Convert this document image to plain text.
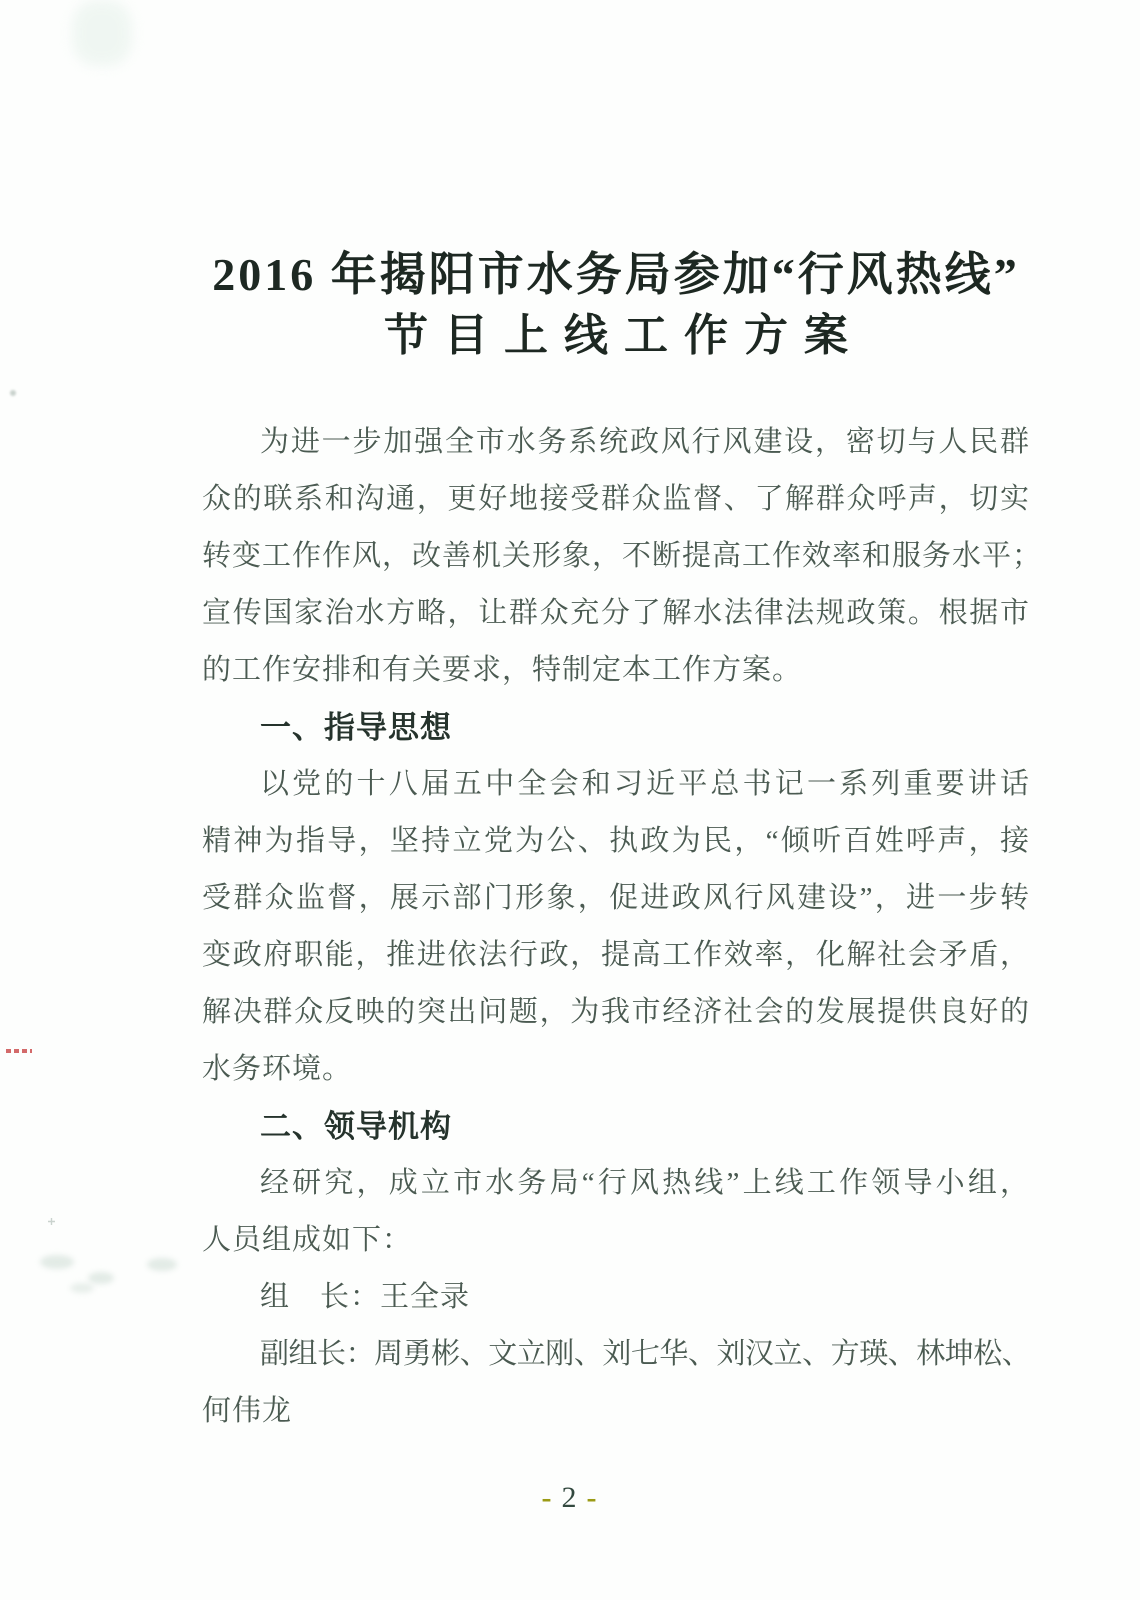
2016 年揭阳市水务局参加“行风热线”
节目上线工作方案
为进一步加强全市水务系统政风行风建设，密切与人民群
众的联系和沟通，更好地接受群众监督、了解群众呼声，切实
转变工作作风，改善机关形象，不断提高工作效率和服务水平；
宣传国家治水方略，让群众充分了解水法律法规政策。根据市
的工作安排和有关要求，特制定本工作方案。
一、指导思想
以党的十八届五中全会和习近平总书记一系列重要讲话
精神为指导，坚持立党为公、执政为民，“倾听百姓呼声，接
受群众监督，展示部门形象，促进政风行风建设”，进一步转
变政府职能，推进依法行政，提高工作效率，化解社会矛盾，
解决群众反映的突出问题，为我市经济社会的发展提供良好的
水务环境。
二、领导机构
经研究，成立市水务局“行风热线”上线工作领导小组，
人员组成如下：
组　长：王全录
副组长：周勇彬、文立刚、刘七华、刘汉立、方瑛、林坤松、
何伟龙
- 2 -
